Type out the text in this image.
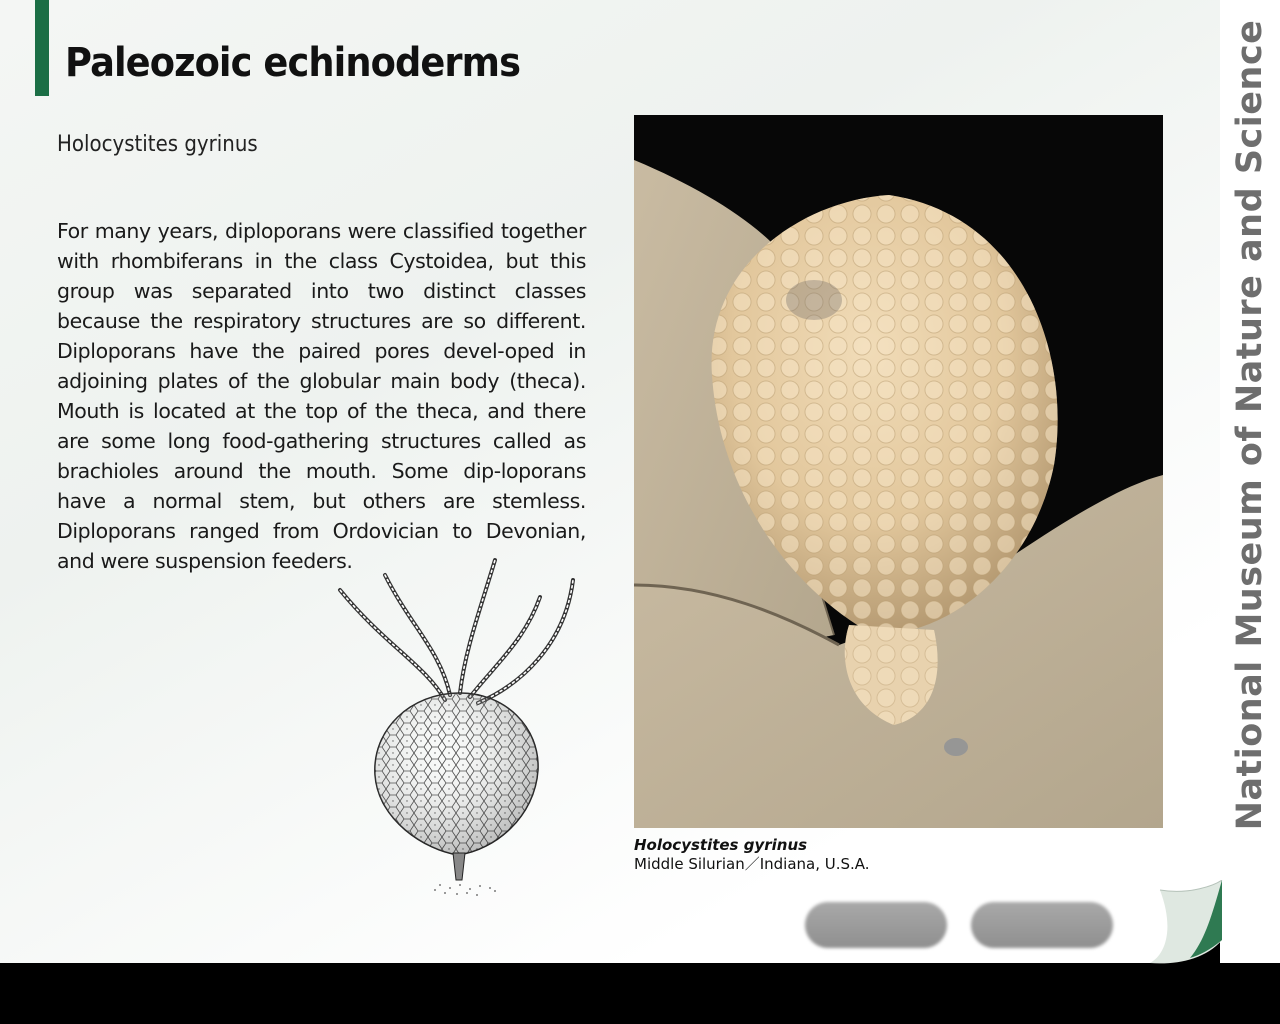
Paleozoic echinoderms
Holocystites gyrinus
For many years, diploporans were classified together with rhombiferans in the class Cystoidea, but this group was separated into two distinct classes because the respiratory structures are so different. Diploporans have the paired pores devel-oped in adjoining plates of the globular main body (theca). Mouth is located at the top of the theca, and there are some long food-gathering structures called as brachioles around the mouth. Some dip-loporans have a normal stem, but others are stemless. Diploporans ranged from Ordovician to Devonian, and were suspension feeders.
Holocystites gyrinus
Middle Silurian／Indiana, U.S.A.
National Museum of Nature and Science
